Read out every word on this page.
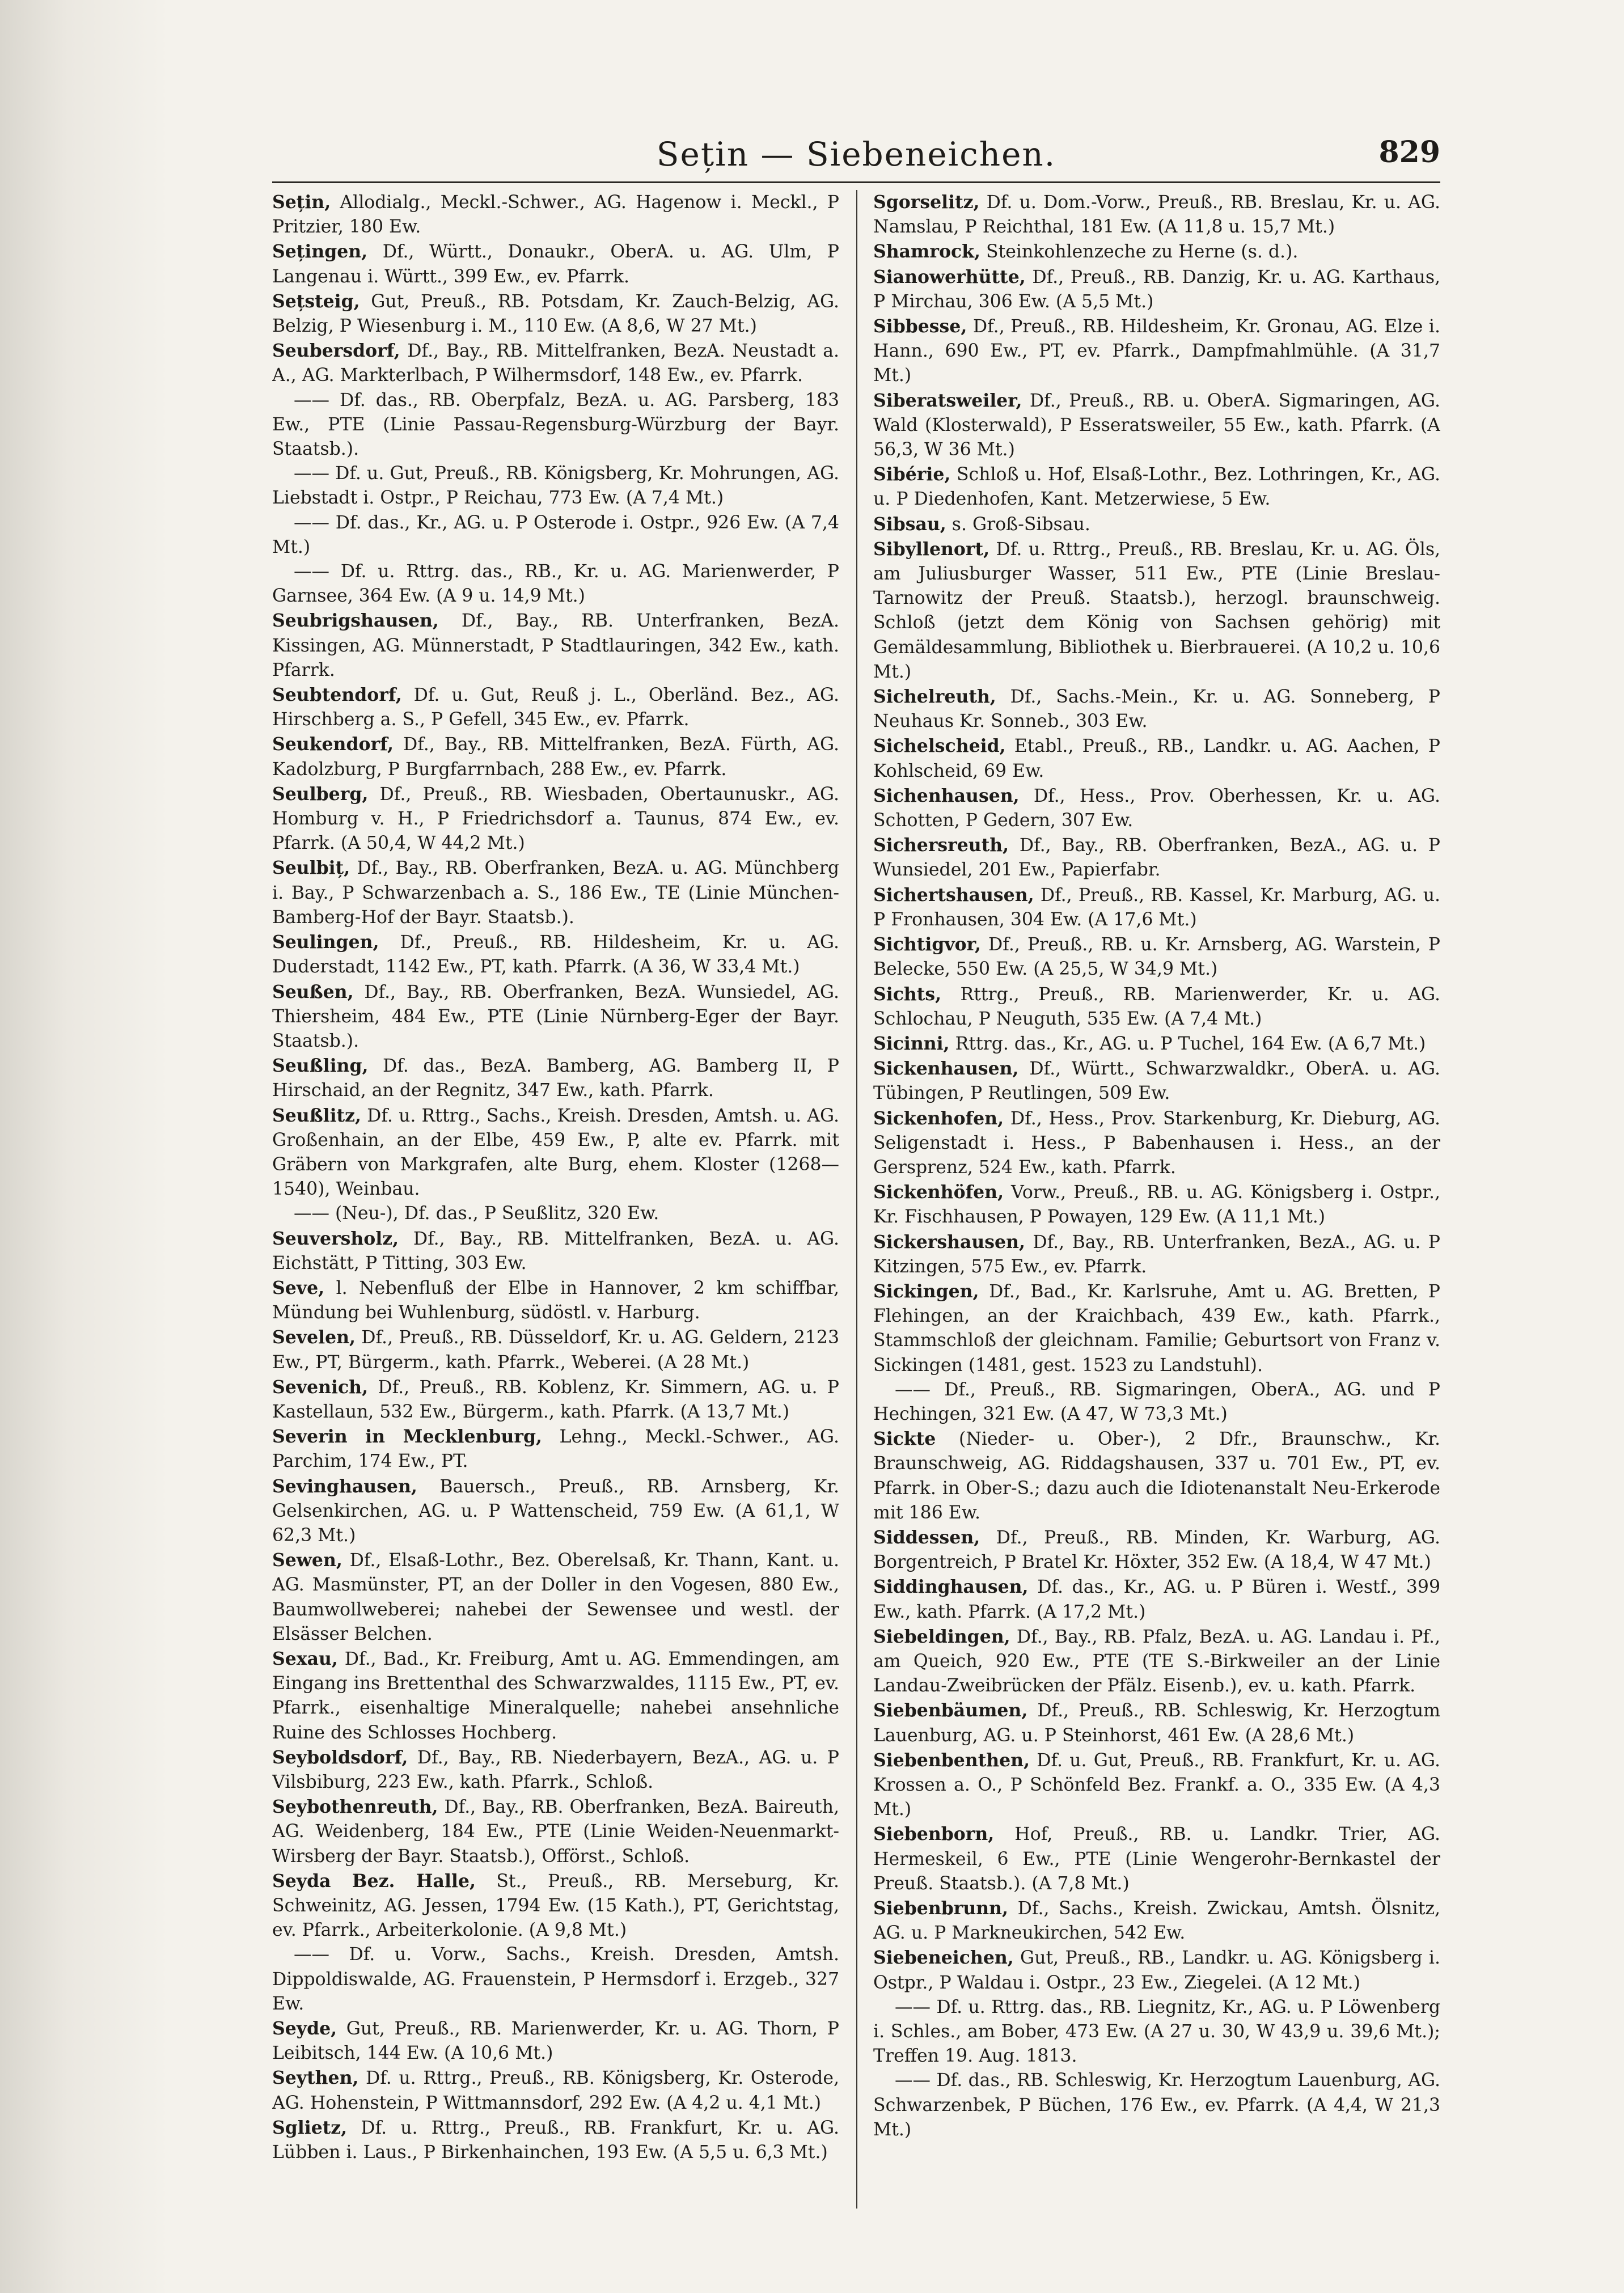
Sețin — Siebeneichen.	829

Sețin, Allodialg., Meckl.-Schwer., AG. Hagenow i. Meckl., P Pritzier, 180 Ew.

Sețingen, Df., Württ., Donaukr., OberA. u. AG. Ulm, P Langenau i. Württ., 399 Ew., ev. Pfarrk.

Sețsteig, Gut, Preuß., RB. Potsdam, Kr. Zauch-Belzig, AG. Belzig, P Wiesenburg i. M., 110 Ew. (A 8,6, W 27 Mt.)

Seubersdorf, Df., Bay., RB. Mittelfranken, BezA. Neustadt a. A., AG. Markterlbach, P Wilhermsdorf, 148 Ew., ev. Pfarrk.

—— Df. das., RB. Oberpfalz, BezA. u. AG. Parsberg, 183 Ew., PTE (Linie Passau-Regensburg-Würzburg der Bayr. Staatsb.).

—— Df. u. Gut, Preuß., RB. Königsberg, Kr. Mohrungen, AG. Liebstadt i. Ostpr., P Reichau, 773 Ew. (A 7,4 Mt.)

—— Df. das., Kr., AG. u. P Osterode i. Ostpr., 926 Ew. (A 7,4 Mt.)

—— Df. u. Rttrg. das., RB., Kr. u. AG. Marienwerder, P Garnsee, 364 Ew. (A 9 u. 14,9 Mt.)

Seubrigshausen, Df., Bay., RB. Unterfranken, BezA. Kissingen, AG. Münnerstadt, P Stadtlauringen, 342 Ew., kath. Pfarrk.

Seubtendorf, Df. u. Gut, Reuß j. L., Oberländ. Bez., AG. Hirschberg a. S., P Gefell, 345 Ew., ev. Pfarrk.

Seukendorf, Df., Bay., RB. Mittelfranken, BezA. Fürth, AG. Kadolzburg, P Burgfarrnbach, 288 Ew., ev. Pfarrk.

Seulberg, Df., Preuß., RB. Wiesbaden, Obertaunuskr., AG. Homburg v. H., P Friedrichsdorf a. Taunus, 874 Ew., ev. Pfarrk. (A 50,4, W 44,2 Mt.)

Seulbiț, Df., Bay., RB. Oberfranken, BezA. u. AG. Münchberg i. Bay., P Schwarzenbach a. S., 186 Ew., TE (Linie München-Bamberg-Hof der Bayr. Staatsb.).

Seulingen, Df., Preuß., RB. Hildesheim, Kr. u. AG. Duderstadt, 1142 Ew., PT, kath. Pfarrk. (A 36, W 33,4 Mt.)

Seußen, Df., Bay., RB. Oberfranken, BezA. Wunsiedel, AG. Thiersheim, 484 Ew., PTE (Linie Nürnberg-Eger der Bayr. Staatsb.).

Seußling, Df. das., BezA. Bamberg, AG. Bamberg II, P Hirschaid, an der Regnitz, 347 Ew., kath. Pfarrk.

Seußlitz, Df. u. Rttrg., Sachs., Kreish. Dresden, Amtsh. u. AG. Großenhain, an der Elbe, 459 Ew., P, alte ev. Pfarrk. mit Gräbern von Markgrafen, alte Burg, ehem. Kloster (1268—1540), Weinbau.

—— (Neu-), Df. das., P Seußlitz, 320 Ew.

Seuversholz, Df., Bay., RB. Mittelfranken, BezA. u. AG. Eichstätt, P Titting, 303 Ew.

Seve, l. Nebenfluß der Elbe in Hannover, 2 km schiffbar, Mündung bei Wuhlenburg, südöstl. v. Harburg.

Sevelen, Df., Preuß., RB. Düsseldorf, Kr. u. AG. Geldern, 2123 Ew., PT, Bürgerm., kath. Pfarrk., Weberei. (A 28 Mt.)

Sevenich, Df., Preuß., RB. Koblenz, Kr. Simmern, AG. u. P Kastellaun, 532 Ew., Bürgerm., kath. Pfarrk. (A 13,7 Mt.)

Severin in Mecklenburg, Lehng., Meckl.-Schwer., AG. Parchim, 174 Ew., PT.

Sevinghausen, Bauersch., Preuß., RB. Arnsberg, Kr. Gelsenkirchen, AG. u. P Wattenscheid, 759 Ew. (A 61,1, W 62,3 Mt.)

Sewen, Df., Elsaß-Lothr., Bez. Oberelsaß, Kr. Thann, Kant. u. AG. Masmünster, PT, an der Doller in den Vogesen, 880 Ew., Baumwollweberei; nahebei der Sewensee und westl. der Elsässer Belchen.

Sexau, Df., Bad., Kr. Freiburg, Amt u. AG. Emmendingen, am Eingang ins Brettenthal des Schwarzwaldes, 1115 Ew., PT, ev. Pfarrk., eisenhaltige Mineralquelle; nahebei ansehnliche Ruine des Schlosses Hochberg.

Seyboldsdorf, Df., Bay., RB. Niederbayern, BezA., AG. u. P Vilsbiburg, 223 Ew., kath. Pfarrk., Schloß.

Seybothenreuth, Df., Bay., RB. Oberfranken, BezA. Baireuth, AG. Weidenberg, 184 Ew., PTE (Linie Weiden-Neuenmarkt-Wirsberg der Bayr. Staatsb.), Offörst., Schloß.

Seyda Bez. Halle, St., Preuß., RB. Merseburg, Kr. Schweinitz, AG. Jessen, 1794 Ew. (15 Kath.), PT, Gerichtstag, ev. Pfarrk., Arbeiterkolonie. (A 9,8 Mt.)

—— Df. u. Vorw., Sachs., Kreish. Dresden, Amtsh. Dippoldiswalde, AG. Frauenstein, P Hermsdorf i. Erzgeb., 327 Ew.

Seyde, Gut, Preuß., RB. Marienwerder, Kr. u. AG. Thorn, P Leibitsch, 144 Ew. (A 10,6 Mt.)

Seythen, Df. u. Rttrg., Preuß., RB. Königsberg, Kr. Osterode, AG. Hohenstein, P Wittmannsdorf, 292 Ew. (A 4,2 u. 4,1 Mt.)

Sglietz, Df. u. Rttrg., Preuß., RB. Frankfurt, Kr. u. AG. Lübben i. Laus., P Birkenhainchen, 193 Ew. (A 5,5 u. 6,3 Mt.)

Sgorselitz, Df. u. Dom.-Vorw., Preuß., RB. Breslau, Kr. u. AG. Namslau, P Reichthal, 181 Ew. (A 11,8 u. 15,7 Mt.)

Shamrock, Steinkohlenzeche zu Herne (s. d.).

Sianowerhütte, Df., Preuß., RB. Danzig, Kr. u. AG. Karthaus, P Mirchau, 306 Ew. (A 5,5 Mt.)

Sibbesse, Df., Preuß., RB. Hildesheim, Kr. Gronau, AG. Elze i. Hann., 690 Ew., PT, ev. Pfarrk., Dampfmahlmühle. (A 31,7 Mt.)

Siberatsweiler, Df., Preuß., RB. u. OberA. Sigmaringen, AG. Wald (Klosterwald), P Esseratsweiler, 55 Ew., kath. Pfarrk. (A 56,3, W 36 Mt.)

Sibérie, Schloß u. Hof, Elsaß-Lothr., Bez. Lothringen, Kr., AG. u. P Diedenhofen, Kant. Metzerwiese, 5 Ew.

Sibsau, s. Groß-Sibsau.

Sibyllenort, Df. u. Rttrg., Preuß., RB. Breslau, Kr. u. AG. Öls, am Juliusburger Wasser, 511 Ew., PTE (Linie Breslau-Tarnowitz der Preuß. Staatsb.), herzogl. braunschweig. Schloß (jetzt dem König von Sachsen gehörig) mit Gemäldesammlung, Bibliothek u. Bierbrauerei. (A 10,2 u. 10,6 Mt.)

Sichelreuth, Df., Sachs.-Mein., Kr. u. AG. Sonneberg, P Neuhaus Kr. Sonneb., 303 Ew.

Sichelscheid, Etabl., Preuß., RB., Landkr. u. AG. Aachen, P Kohlscheid, 69 Ew.

Sichenhausen, Df., Hess., Prov. Oberhessen, Kr. u. AG. Schotten, P Gedern, 307 Ew.

Sichersreuth, Df., Bay., RB. Oberfranken, BezA., AG. u. P Wunsiedel, 201 Ew., Papierfabr.

Sichertshausen, Df., Preuß., RB. Kassel, Kr. Marburg, AG. u. P Fronhausen, 304 Ew. (A 17,6 Mt.)

Sichtigvor, Df., Preuß., RB. u. Kr. Arnsberg, AG. Warstein, P Belecke, 550 Ew. (A 25,5, W 34,9 Mt.)

Sichts, Rttrg., Preuß., RB. Marienwerder, Kr. u. AG. Schlochau, P Neuguth, 535 Ew. (A 7,4 Mt.)

Sicinni, Rttrg. das., Kr., AG. u. P Tuchel, 164 Ew. (A 6,7 Mt.)

Sickenhausen, Df., Württ., Schwarzwaldkr., OberA. u. AG. Tübingen, P Reutlingen, 509 Ew.

Sickenhofen, Df., Hess., Prov. Starkenburg, Kr. Dieburg, AG. Seligenstadt i. Hess., P Babenhausen i. Hess., an der Gersprenz, 524 Ew., kath. Pfarrk.

Sickenhöfen, Vorw., Preuß., RB. u. AG. Königsberg i. Ostpr., Kr. Fischhausen, P Powayen, 129 Ew. (A 11,1 Mt.)

Sickershausen, Df., Bay., RB. Unterfranken, BezA., AG. u. P Kitzingen, 575 Ew., ev. Pfarrk.

Sickingen, Df., Bad., Kr. Karlsruhe, Amt u. AG. Bretten, P Flehingen, an der Kraichbach, 439 Ew., kath. Pfarrk., Stammschloß der gleichnam. Familie; Geburtsort von Franz v. Sickingen (1481, gest. 1523 zu Landstuhl).

—— Df., Preuß., RB. Sigmaringen, OberA., AG. und P Hechingen, 321 Ew. (A 47, W 73,3 Mt.)

Sickte (Nieder- u. Ober-), 2 Dfr., Braunschw., Kr. Braunschweig, AG. Riddagshausen, 337 u. 701 Ew., PT, ev. Pfarrk. in Ober-S.; dazu auch die Idiotenanstalt Neu-Erkerode mit 186 Ew.

Siddessen, Df., Preuß., RB. Minden, Kr. Warburg, AG. Borgentreich, P Bratel Kr. Höxter, 352 Ew. (A 18,4, W 47 Mt.)

Siddinghausen, Df. das., Kr., AG. u. P Büren i. Westf., 399 Ew., kath. Pfarrk. (A 17,2 Mt.)

Siebeldingen, Df., Bay., RB. Pfalz, BezA. u. AG. Landau i. Pf., am Queich, 920 Ew., PTE (TE S.-Birkweiler an der Linie Landau-Zweibrücken der Pfälz. Eisenb.), ev. u. kath. Pfarrk.

Siebenbäumen, Df., Preuß., RB. Schleswig, Kr. Herzogtum Lauenburg, AG. u. P Steinhorst, 461 Ew. (A 28,6 Mt.)

Siebenbenthen, Df. u. Gut, Preuß., RB. Frankfurt, Kr. u. AG. Krossen a. O., P Schönfeld Bez. Frankf. a. O., 335 Ew. (A 4,3 Mt.)

Siebenborn, Hof, Preuß., RB. u. Landkr. Trier, AG. Hermeskeil, 6 Ew., PTE (Linie Wengerohr-Bernkastel der Preuß. Staatsb.). (A 7,8 Mt.)

Siebenbrunn, Df., Sachs., Kreish. Zwickau, Amtsh. Ölsnitz, AG. u. P Markneukirchen, 542 Ew.

Siebeneichen, Gut, Preuß., RB., Landkr. u. AG. Königsberg i. Ostpr., P Waldau i. Ostpr., 23 Ew., Ziegelei. (A 12 Mt.)

—— Df. u. Rttrg. das., RB. Liegnitz, Kr., AG. u. P Löwenberg i. Schles., am Bober, 473 Ew. (A 27 u. 30, W 43,9 u. 39,6 Mt.); Treffen 19. Aug. 1813.

—— Df. das., RB. Schleswig, Kr. Herzogtum Lauenburg, AG. Schwarzenbek, P Büchen, 176 Ew., ev. Pfarrk. (A 4,4, W 21,3 Mt.)
